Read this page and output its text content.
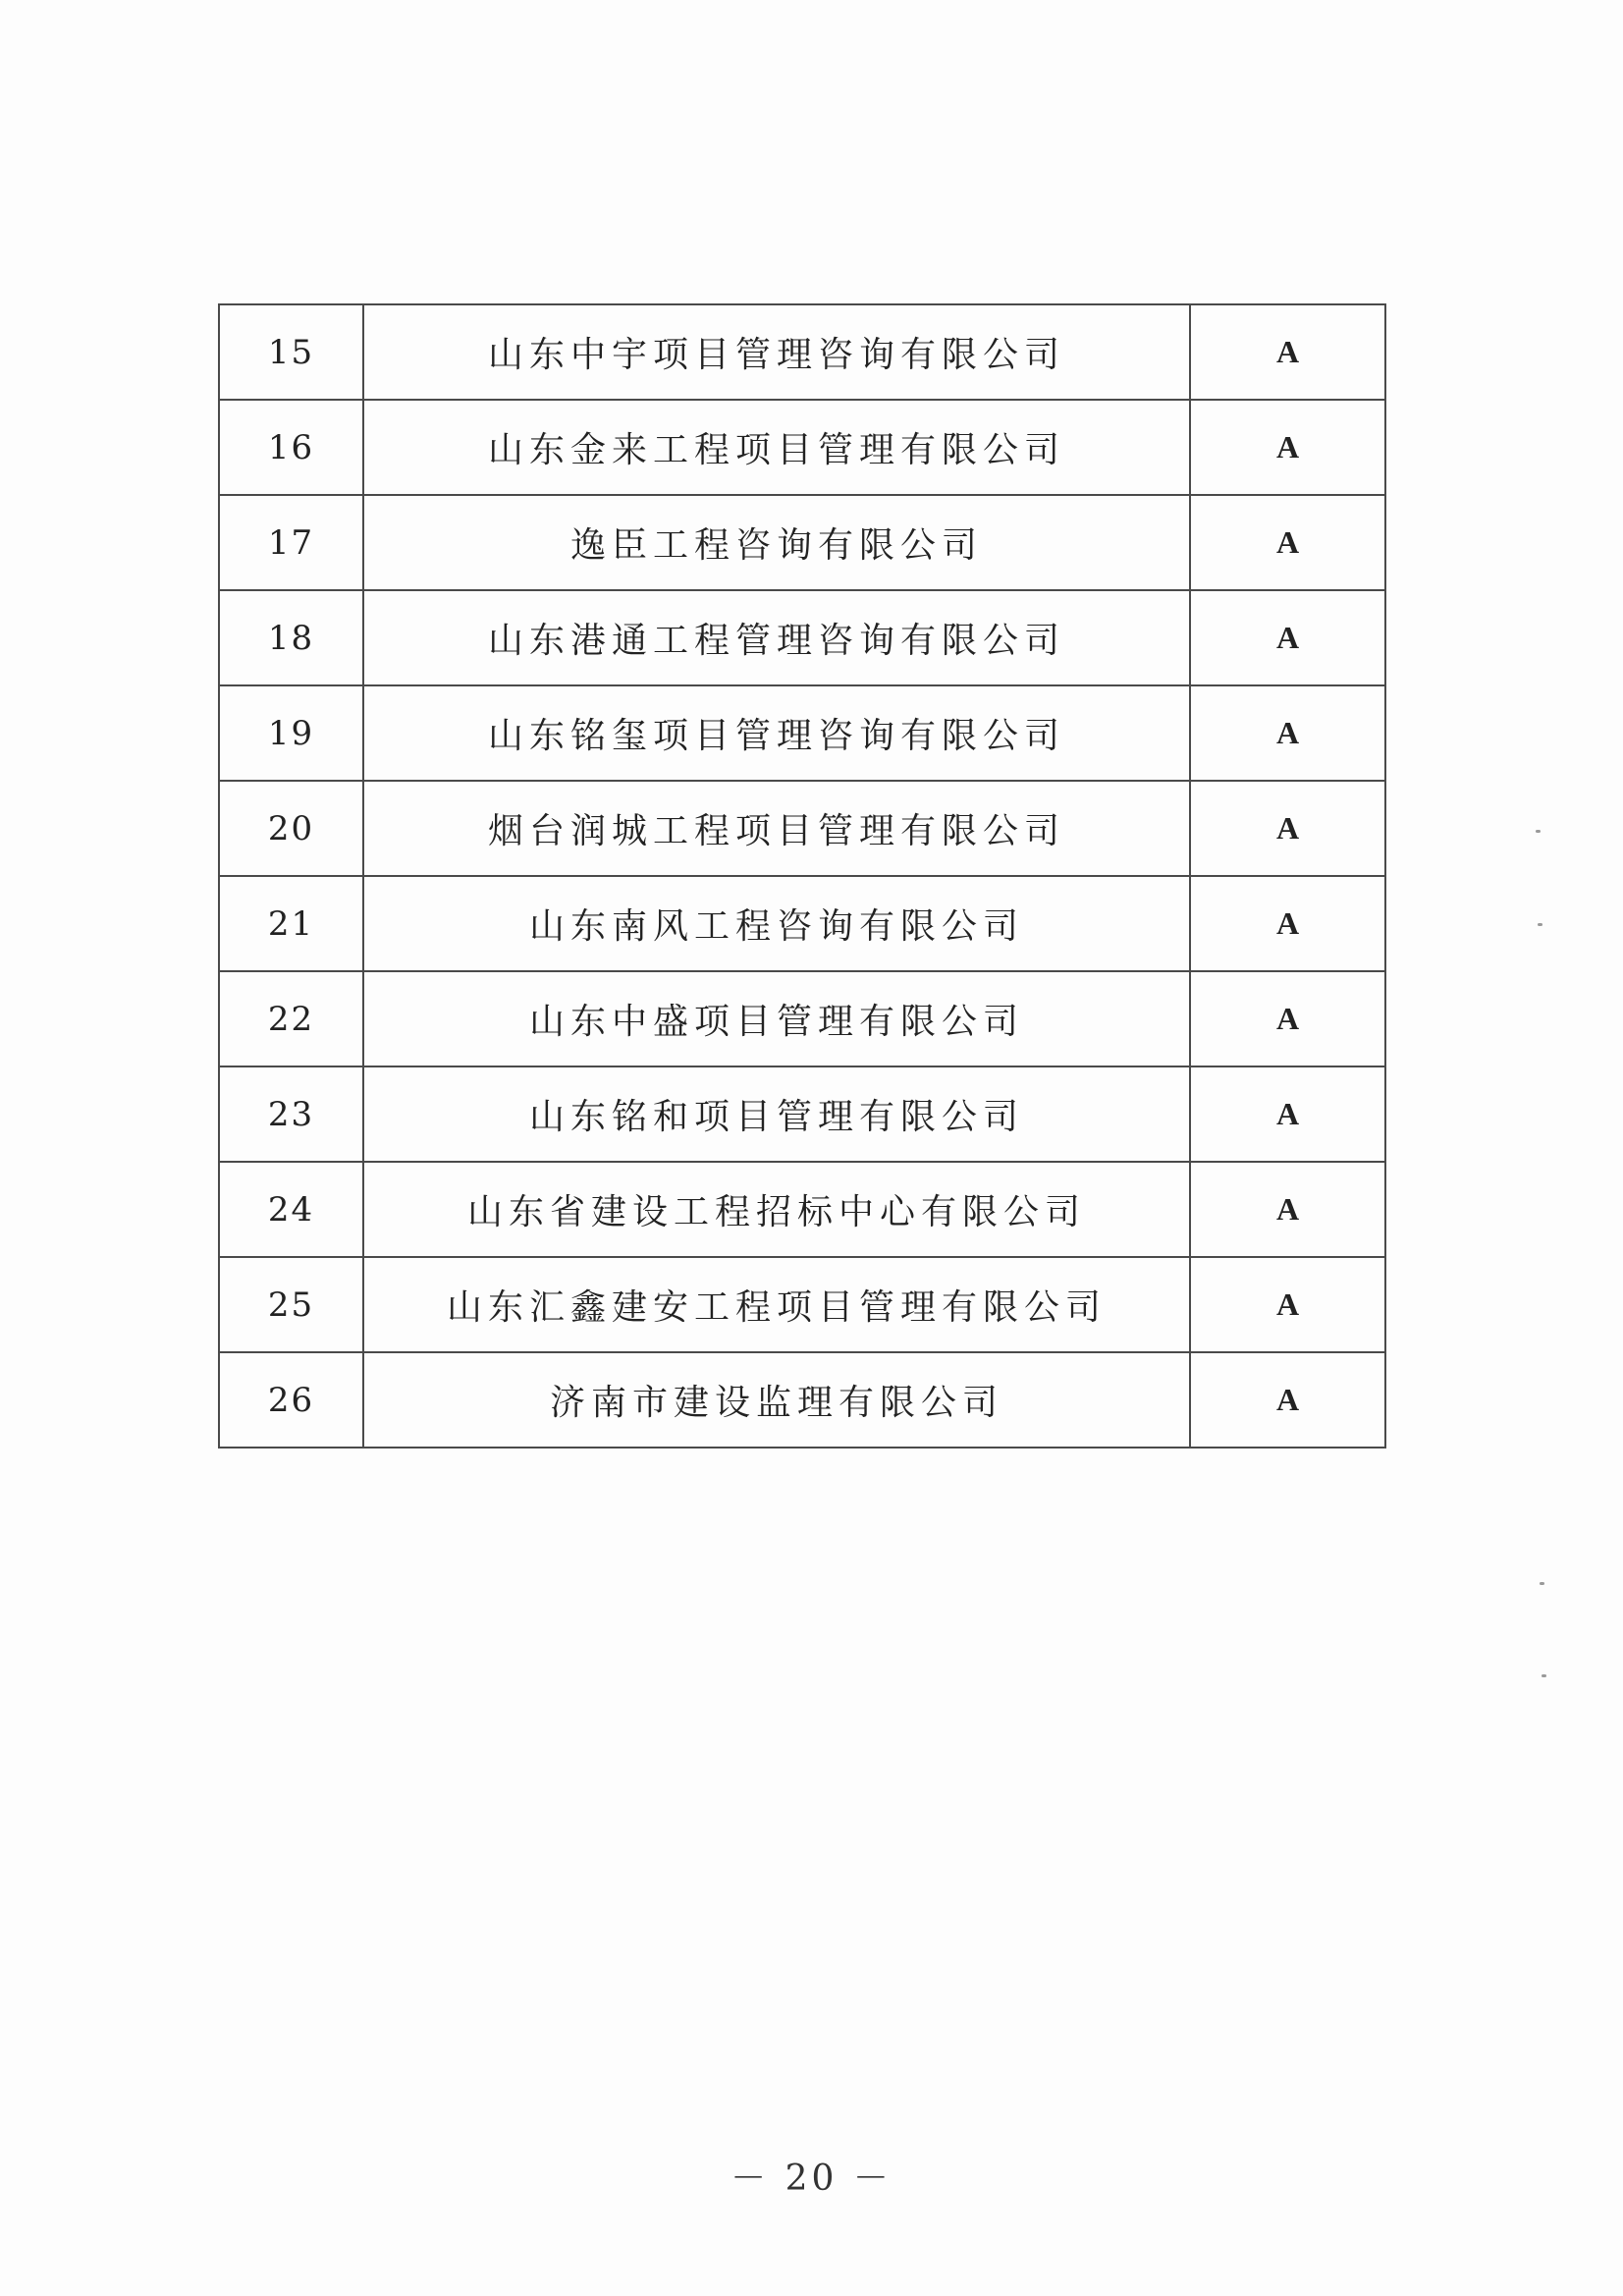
15	山东中宇项目管理咨询有限公司	A
16	山东金来工程项目管理有限公司	A
17	逸臣工程咨询有限公司	A
18	山东港通工程管理咨询有限公司	A
19	山东铭玺项目管理咨询有限公司	A
20	烟台润城工程项目管理有限公司	A
21	山东南风工程咨询有限公司	A
22	山东中盛项目管理有限公司	A
23	山东铭和项目管理有限公司	A
24	山东省建设工程招标中心有限公司	A
25	山东汇鑫建安工程项目管理有限公司	A
26	济南市建设监理有限公司	A
－ 20 －
